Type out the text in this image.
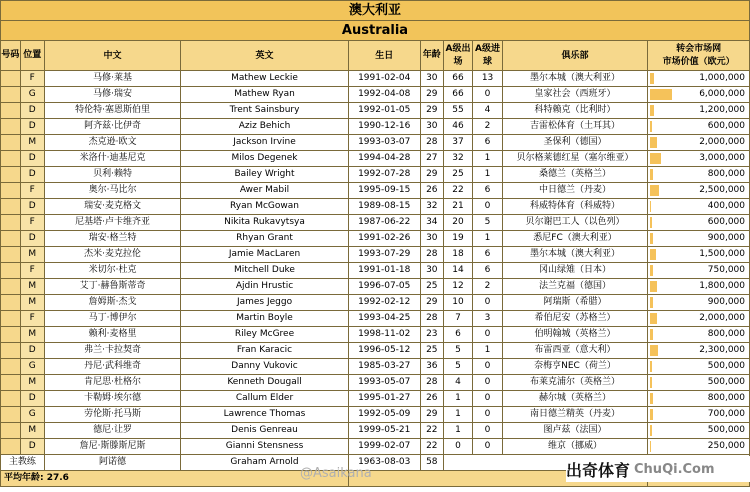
澳大利亚									
Australia									
号码	位置	中文	英文	生日	年龄	A级出场	A级进球	俱乐部	转会市场网
市场价值（欧元）

	F	马修·莱基	Mathew Leckie	1991-02-04	30	66	13	墨尔本城（澳大利亚）	1,000,000
	G	马修·瑞安	Mathew Ryan	1992-04-08	29	66	0	皇家社会（西班牙）	6,000,000
	D	特伦特·塞恩斯伯里	Trent Sainsbury	1992-01-05	29	55	4	科特赖克（比利时）	1,200,000
	D	阿齐兹·比伊奇	Aziz Behich	1990-12-16	30	46	2	吉雷松体育（土耳其）	600,000
	M	杰克逊·欧文	Jackson Irvine	1993-03-07	28	37	6	圣保利（德国）	2,000,000
	D	米洛什·迪基尼克	Milos Degenek	1994-04-28	27	32	1	贝尔格莱德红星（塞尔维亚）	3,000,000
	D	贝利·赖特	Bailey Wright	1992-07-28	29	25	1	桑德兰（英格兰）	800,000
	F	奥尔·马比尔	Awer Mabil	1995-09-15	26	22	6	中日德兰（丹麦）	2,500,000
	D	瑞安·麦克格文	Ryan McGowan	1989-08-15	32	21	0	科威特体育（科威特）	400,000
	F	尼基塔·卢卡维齐亚	Nikita Rukavytsya	1987-06-22	34	20	5	贝尔谢巴工人（以色列）	600,000
	D	瑞安·格兰特	Rhyan Grant	1991-02-26	30	19	1	悉尼FC（澳大利亚）	900,000
	M	杰米·麦克拉伦	Jamie MacLaren	1993-07-29	28	18	6	墨尔本城（澳大利亚）	1,500,000
	F	米切尔·杜克	Mitchell Duke	1991-01-18	30	14	6	冈山绿雉（日本）	750,000
	M	艾丁·赫鲁斯蒂奇	Ajdin Hrustic	1996-07-05	25	12	2	法兰克福（德国）	1,800,000
	M	詹姆斯·杰戈	James Jeggo	1992-02-12	29	10	0	阿瑞斯（希腊）	900,000
	F	马丁·博伊尔	Martin Boyle	1993-04-25	28	7	3	希伯尼安（苏格兰）	2,000,000
	M	赖利·麦格里	Riley McGree	1998-11-02	23	6	0	伯明翰城（英格兰）	800,000
	D	弗兰·卡拉契奇	Fran Karacic	1996-05-12	25	5	1	布雷西亚（意大利）	2,300,000
	G	丹尼·武科维奇	Danny Vukovic	1985-03-27	36	5	0	奈梅亨NEC（荷兰）	500,000
	M	肯尼思·杜格尔	Kenneth Dougall	1993-05-07	28	4	0	布莱克浦尔（英格兰）	500,000
	D	卡勒姆·埃尔德	Callum Elder	1995-01-27	26	1	0	赫尔城（英格兰）	800,000
	G	劳伦斯·托马斯	Lawrence Thomas	1992-05-09	29	1	0	南日德兰精英（丹麦）	700,000
	M	德尼·让罗	Denis Genreau	1999-05-21	22	1	0	图卢兹（法国）	500,000
	D	詹尼·斯滕斯尼斯	Gianni Stensness	1999-02-07	22	0	0	维京（挪威）	250,000
主教练		阿诺德	Graham Arnold	1963-08-03	58				
平均年龄: 27.6			@Asaikana	出奇体育 ChuQi.Com
